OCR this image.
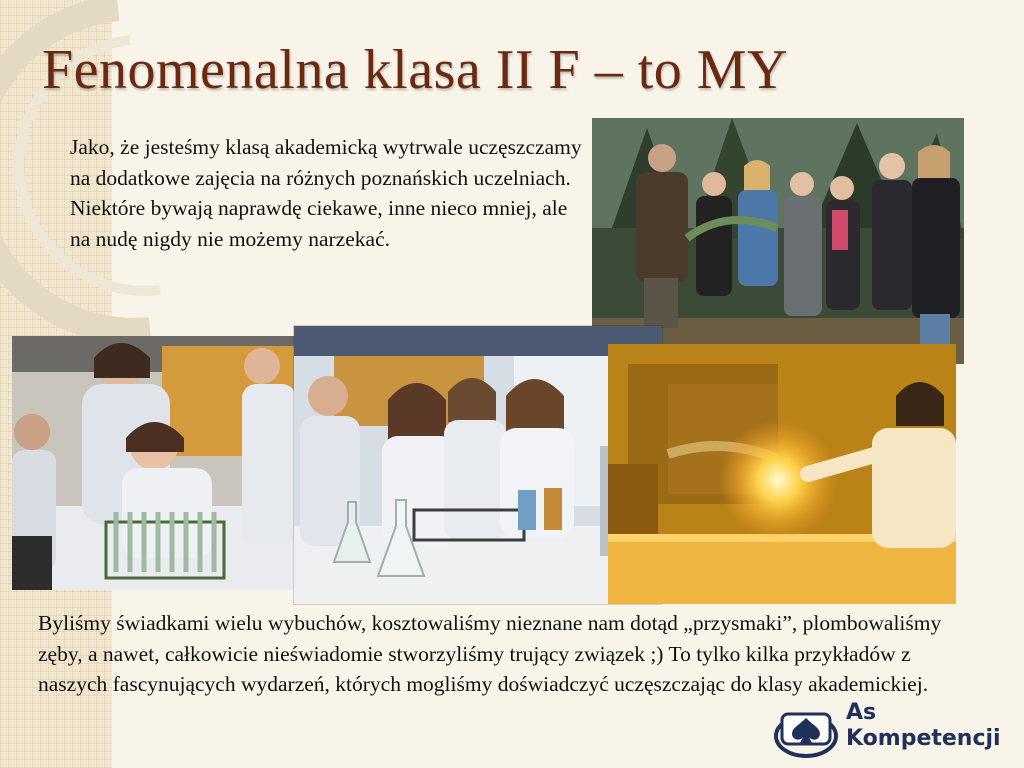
Fenomenalna klasa II F – to MY

Jako, że jesteśmy klasą akademicką wytrwale uczęszczamy na dodatkowe zajęcia na różnych poznańskich uczelniach. Niektóre bywają naprawdę ciekawe, inne nieco mniej, ale na nudę nigdy nie możemy narzekać.

Byliśmy świadkami wielu wybuchów, kosztowaliśmy nieznane nam dotąd „przysmaki”, plombowaliśmy zęby, a nawet, całkowicie nieświadomie stworzyliśmy trujący związek ;) To tylko kilka przykładów z naszych fascynujących wydarzeń, których mogliśmy doświadczyć uczęszczając do klasy akademickiej.

As
Kompetencji
